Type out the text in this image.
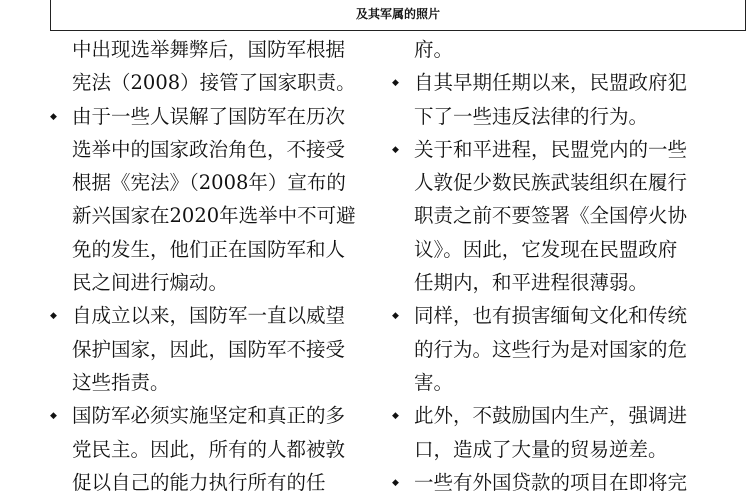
及其军属的照片
中出现选举舞弊后，国防军根据
宪法（2008）接管了国家职责。
◆ 由于一些人误解了国防军在历次
选举中的国家政治角色，不接受
根据《宪法》（2008年）宣布的
新兴国家在2020年选举中不可避
免的发生，他们正在国防军和人
民之间进行煽动。
◆ 自成立以来，国防军一直以威望
保护国家，因此，国防军不接受
这些指责。
◆ 国防军必须实施坚定和真正的多
党民主。因此，所有的人都被敦
促以自己的能力执行所有的任
府。
◆ 自其早期任期以来，民盟政府犯
下了一些违反法律的行为。
◆ 关于和平进程，民盟党内的一些
人敦促少数民族武装组织在履行
职责之前不要签署《全国停火协
议》。因此，它发现在民盟政府
任期内，和平进程很薄弱。
◆ 同样，也有损害缅甸文化和传统
的行为。这些行为是对国家的危
害。
◆ 此外，不鼓励国内生产，强调进
口，造成了大量的贸易逆差。
◆ 一些有外国贷款的项目在即将完
